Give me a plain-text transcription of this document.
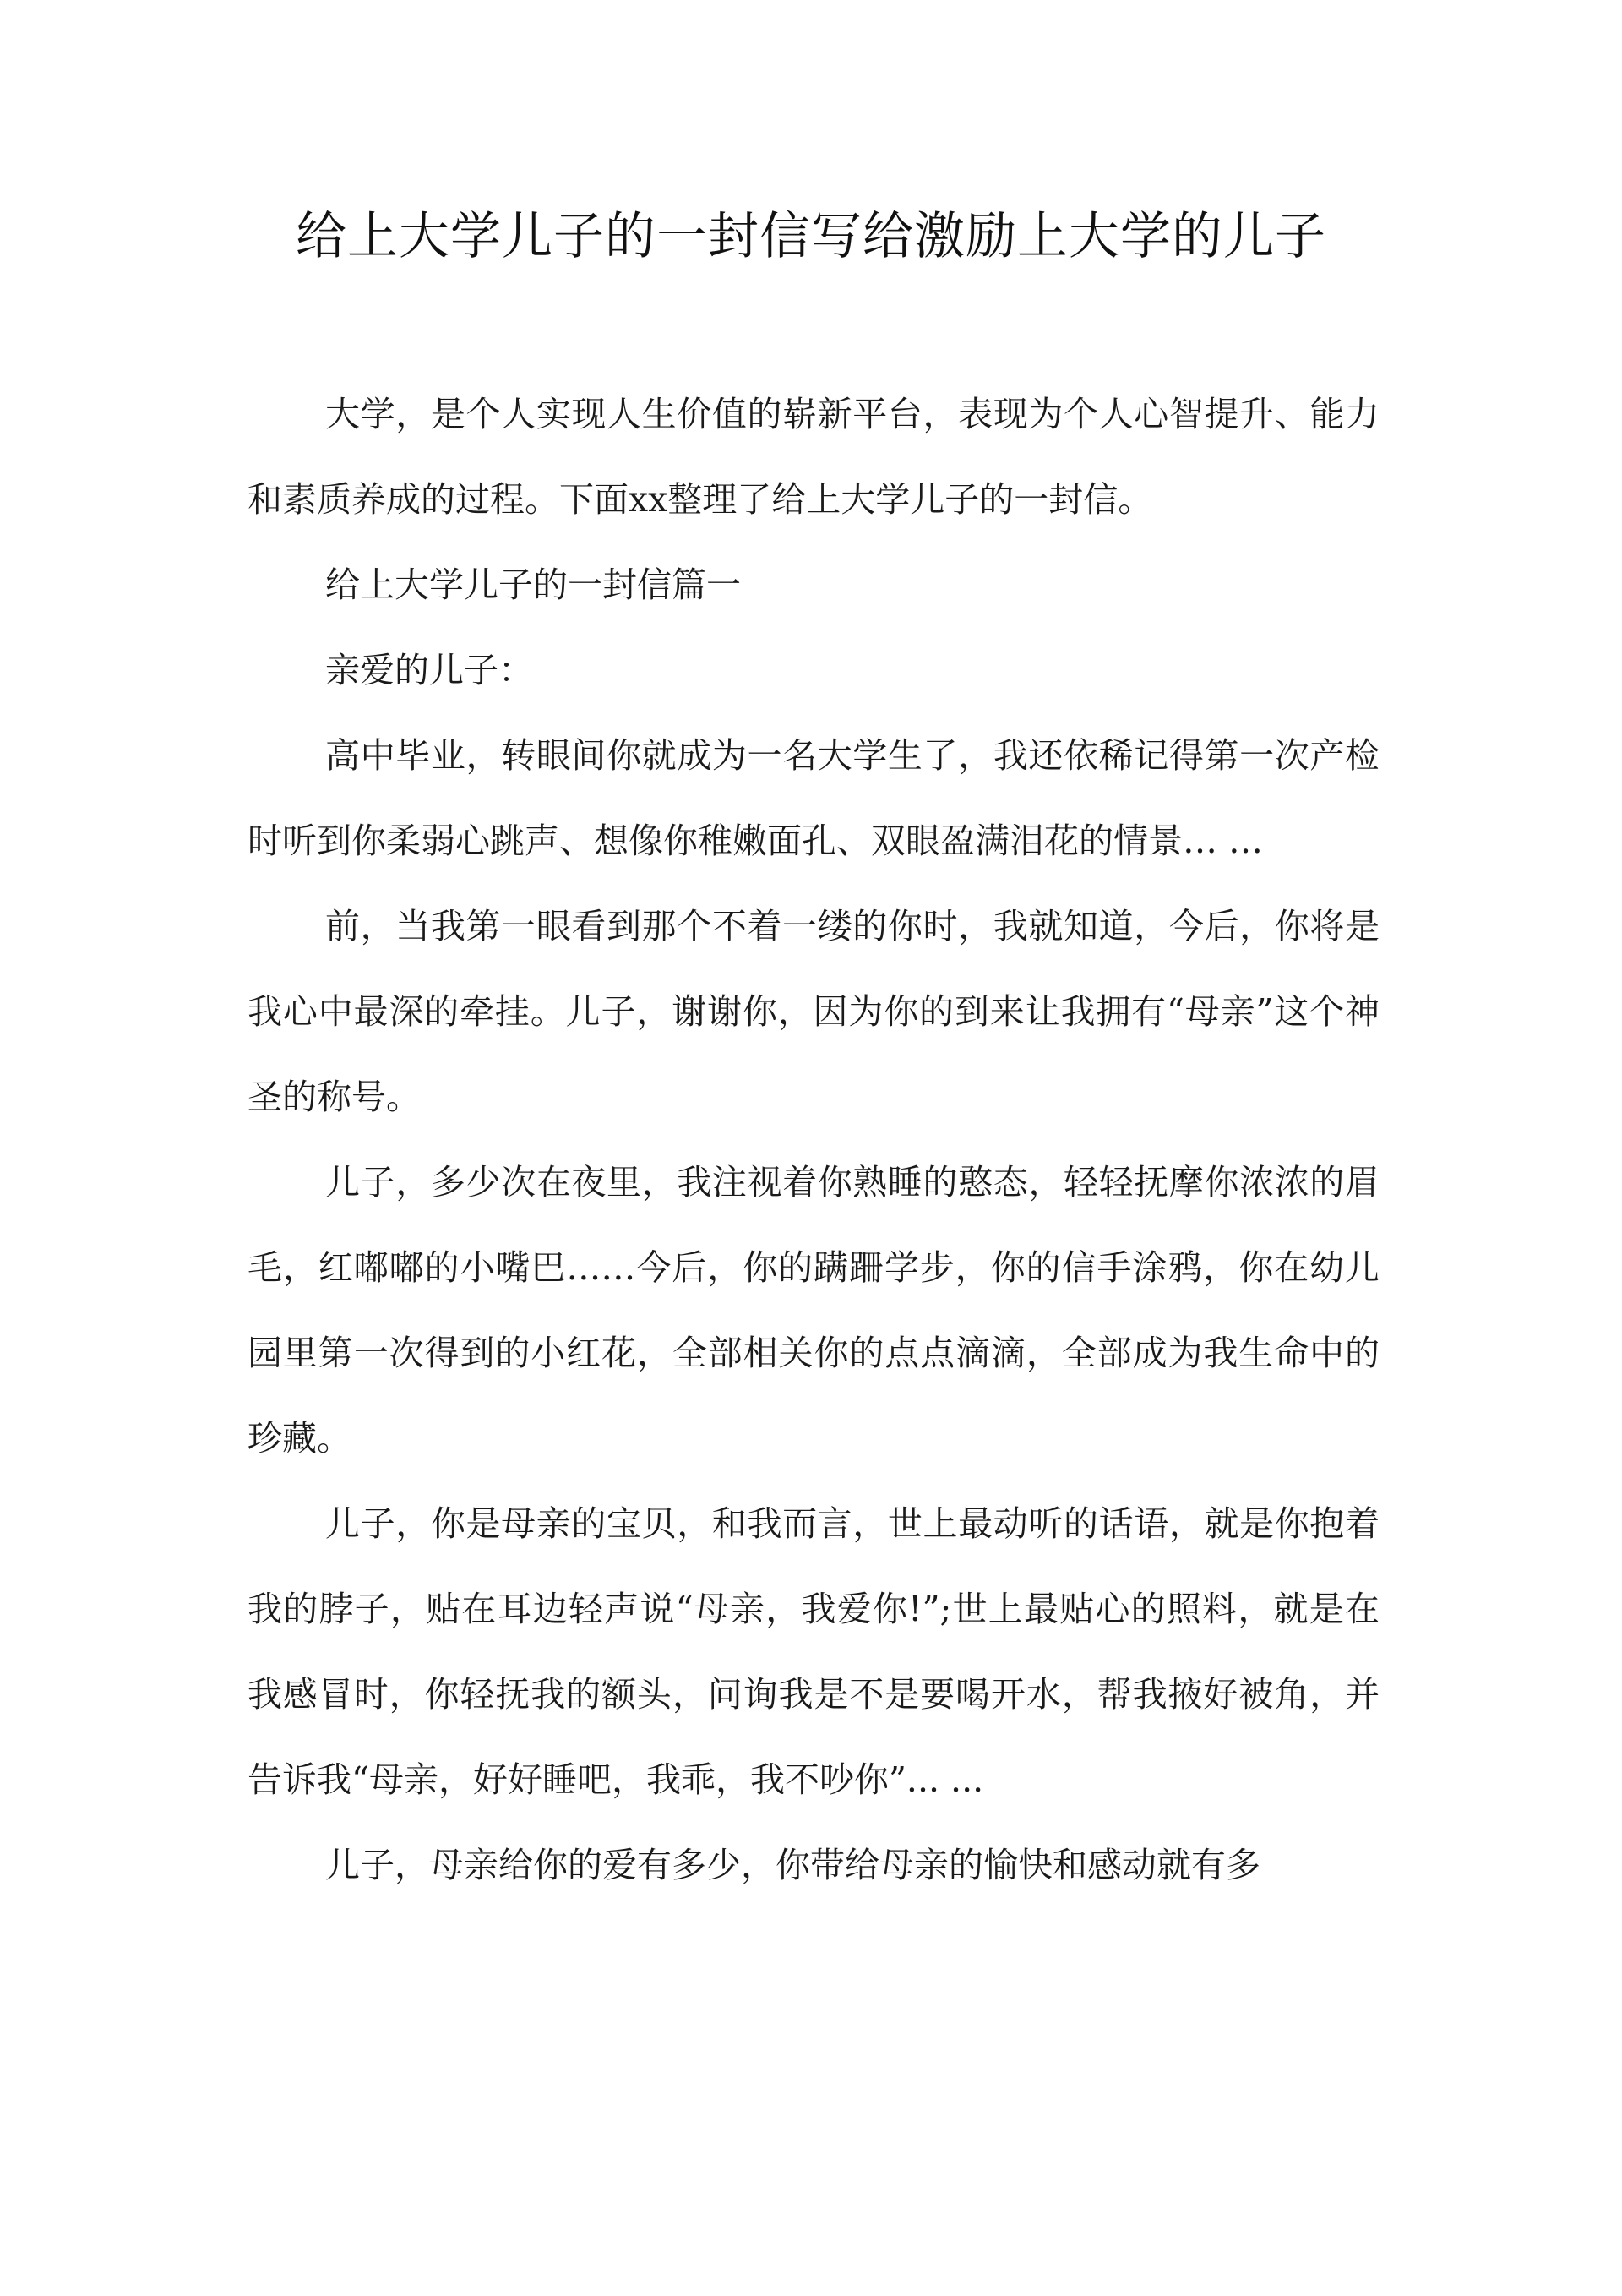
给上大学儿子的一封信写给激励上大学的儿子

大学，是个人实现人生价值的崭新平台，表现为个人心智提升、能力和素质养成的过程。下面xx整理了给上大学儿子的一封信。

给上大学儿子的一封信篇一

亲爱的儿子：

高中毕业，转眼间你就成为一名大学生了，我还依稀记得第一次产检时听到你柔弱心跳声、想像你稚嫩面孔、双眼盈满泪花的情景… …

前，当我第一眼看到那个不着一缕的你时，我就知道，今后，你将是我心中最深的牵挂。儿子，谢谢你，因为你的到来让我拥有“母亲”这个神圣的称号。

儿子，多少次在夜里，我注视着你熟睡的憨态，轻轻抚摩你浓浓的眉毛，红嘟嘟的小嘴巴……今后，你的蹒跚学步，你的信手涂鸦，你在幼儿园里第一次得到的小红花，全部相关你的点点滴滴，全部成为我生命中的珍藏。

儿子，你是母亲的宝贝，和我而言，世上最动听的话语，就是你抱着我的脖子，贴在耳边轻声说“母亲，我爱你!”;世上最贴心的照料，就是在我感冒时，你轻抚我的额头，问询我是不是要喝开水，帮我掖好被角，并告诉我“母亲，好好睡吧，我乖，我不吵你”... ...

儿子，母亲给你的爱有多少，你带给母亲的愉快和感动就有多
